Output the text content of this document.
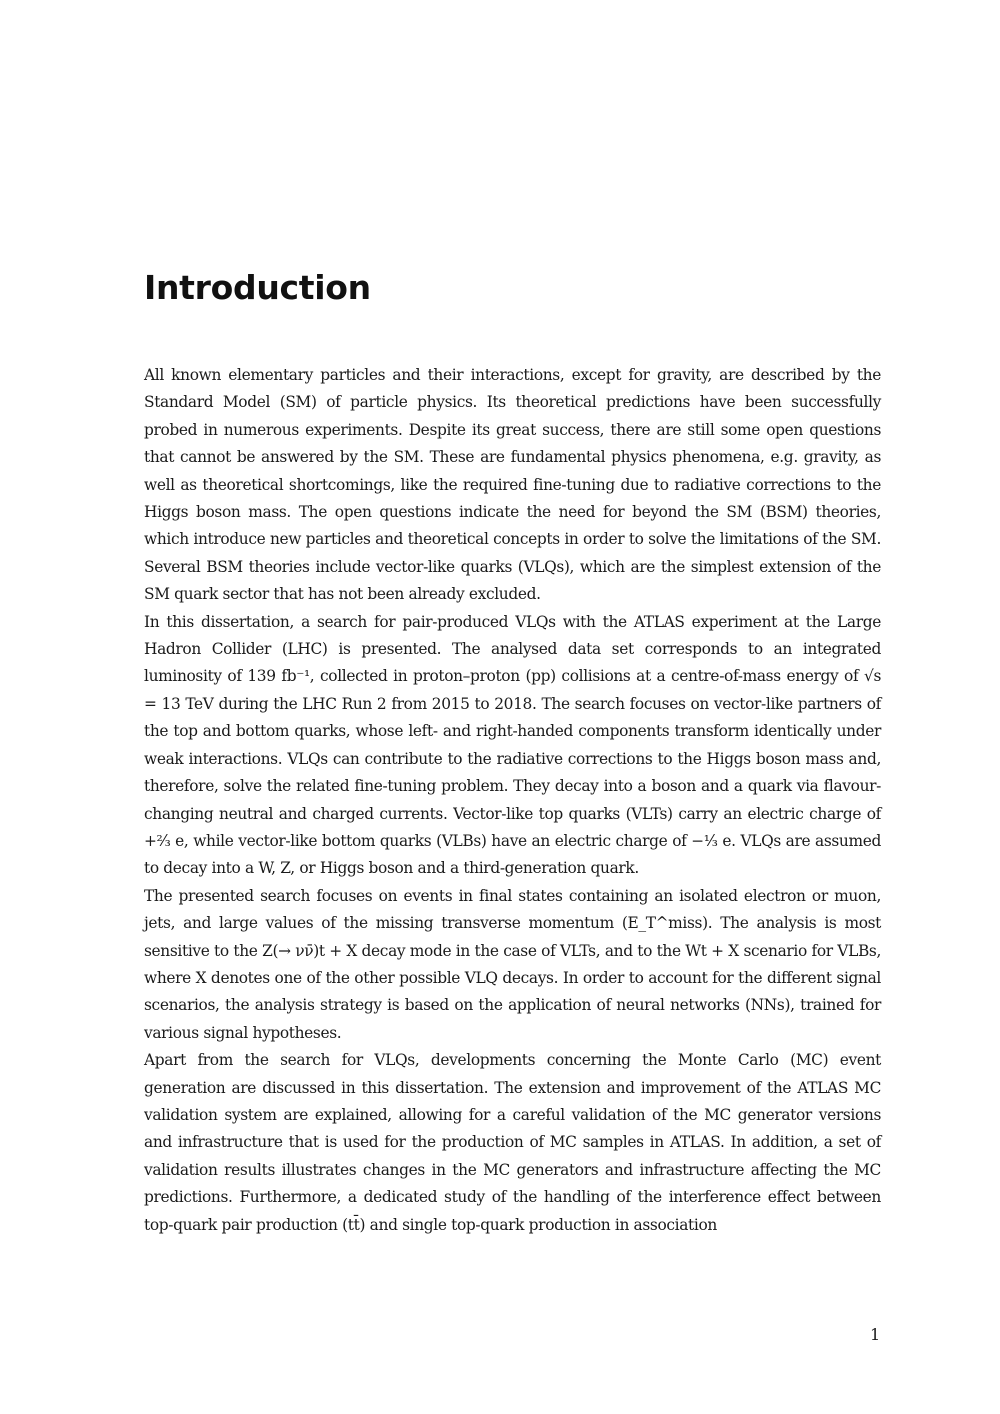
Introduction

All known elementary particles and their interactions, except for gravity, are described by the Standard Model (SM) of particle physics. Its theoretical predictions have been successfully probed in numerous experiments. Despite its great success, there are still some open questions that cannot be answered by the SM. These are fundamental physics phenomena, e.g. gravity, as well as theoretical shortcomings, like the required fine-tuning due to radiative corrections to the Higgs boson mass. The open questions indicate the need for beyond the SM (BSM) theories, which introduce new particles and theoretical concepts in order to solve the limitations of the SM. Several BSM theories include vector-like quarks (VLQs), which are the simplest extension of the SM quark sector that has not been already excluded.

In this dissertation, a search for pair-produced VLQs with the ATLAS experiment at the Large Hadron Collider (LHC) is presented. The analysed data set corresponds to an integrated luminosity of 139 fb⁻¹, collected in proton–proton (pp) collisions at a centre-of-mass energy of √s = 13 TeV during the LHC Run 2 from 2015 to 2018. The search focuses on vector-like partners of the top and bottom quarks, whose left- and right-handed components transform identically under weak interactions. VLQs can contribute to the radiative corrections to the Higgs boson mass and, therefore, solve the related fine-tuning problem. They decay into a boson and a quark via flavour-changing neutral and charged currents. Vector-like top quarks (VLTs) carry an electric charge of +²⁄₃ e, while vector-like bottom quarks (VLBs) have an electric charge of −¹⁄₃ e. VLQs are assumed to decay into a W, Z, or Higgs boson and a third-generation quark.

The presented search focuses on events in final states containing an isolated electron or muon, jets, and large values of the missing transverse momentum (E_T^miss). The analysis is most sensitive to the Z(→ νν̄)t + X decay mode in the case of VLTs, and to the Wt + X scenario for VLBs, where X denotes one of the other possible VLQ decays. In order to account for the different signal scenarios, the analysis strategy is based on the application of neural networks (NNs), trained for various signal hypotheses.

Apart from the search for VLQs, developments concerning the Monte Carlo (MC) event generation are discussed in this dissertation. The extension and improvement of the ATLAS MC validation system are explained, allowing for a careful validation of the MC generator versions and infrastructure that is used for the production of MC samples in ATLAS. In addition, a set of validation results illustrates changes in the MC generators and infrastructure affecting the MC predictions. Furthermore, a dedicated study of the handling of the interference effect between top-quark pair production (tt̄) and single top-quark production in association

1
